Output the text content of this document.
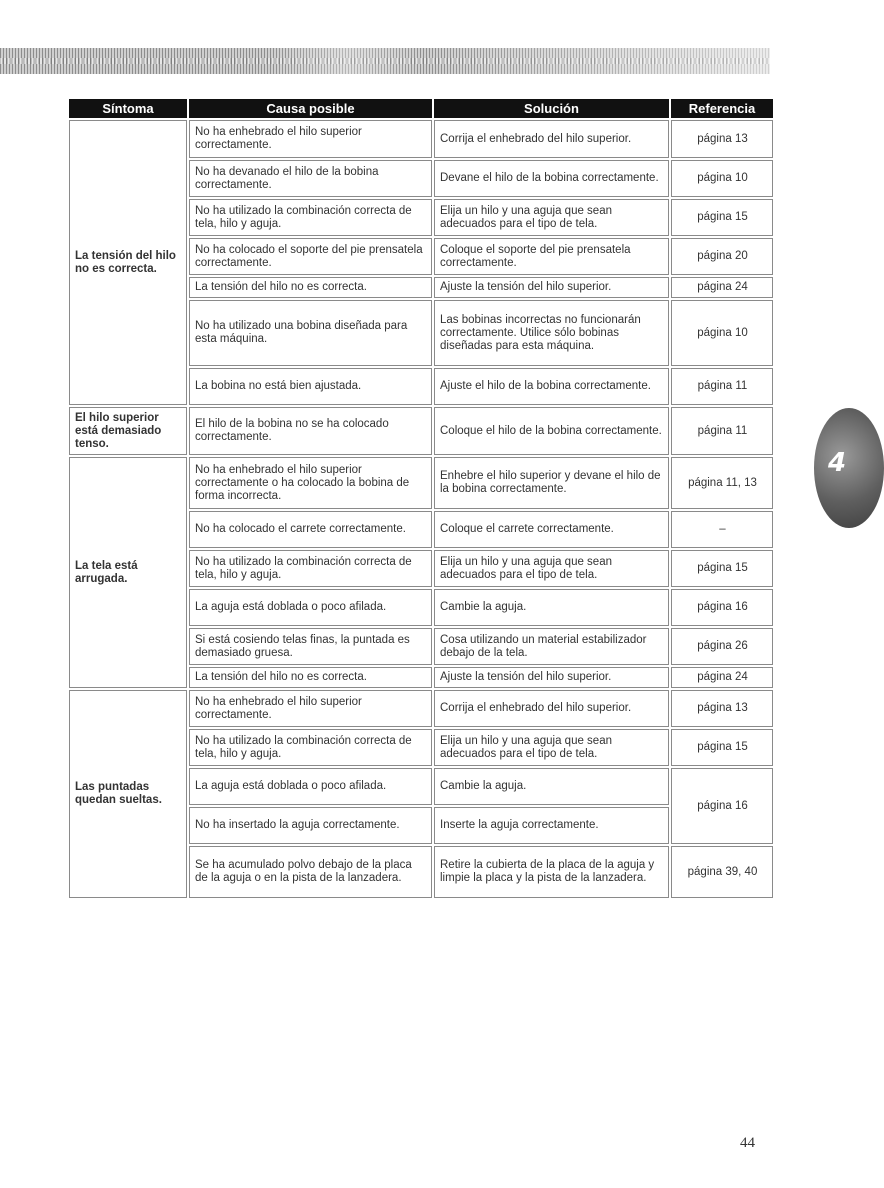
Síntoma	Causa posible	Solución	Referencia
La tensión del hilo no es correcta.	No ha enhebrado el hilo superior correctamente.	Corrija el enhebrado del hilo superior.	página 13
	No ha devanado el hilo de la bobina correctamente.	Devane el hilo de la bobina correctamente.	página 10
	No ha utilizado la combinación correcta de tela, hilo y aguja.	Elija un hilo y una aguja que sean adecuados para el tipo de tela.	página 15
	No ha colocado el soporte del pie prensatela correctamente.	Coloque el soporte del pie prensatela correctamente.	página 20
	La tensión del hilo no es correcta.	Ajuste la tensión del hilo superior.	página 24
	No ha utilizado una bobina diseñada para esta máquina.	Las bobinas incorrectas no funcionarán correctamente. Utilice sólo bobinas diseñadas para esta máquina.	página 10
	La bobina no está bien ajustada.	Ajuste el hilo de la bobina correctamente.	página 11
El hilo superior está demasiado tenso.	El hilo de la bobina no se ha colocado correctamente.	Coloque el hilo de la bobina correctamente.	página 11
La tela está arrugada.	No ha enhebrado el hilo superior correctamente o ha colocado la bobina de forma incorrecta.	Enhebre el hilo superior y devane el hilo de la bobina correctamente.	página 11, 13
	No ha colocado el carrete correctamente.	Coloque el carrete correctamente.	–
	No ha utilizado la combinación correcta de tela, hilo y aguja.	Elija un hilo y una aguja que sean adecuados para el tipo de tela.	página 15
	La aguja está doblada o poco afilada.	Cambie la aguja.	página 16
	Si está cosiendo telas finas, la puntada es demasiado gruesa.	Cosa utilizando un material estabilizador debajo de la tela.	página 26
	La tensión del hilo no es correcta.	Ajuste la tensión del hilo superior.	página 24
Las puntadas quedan sueltas.	No ha enhebrado el hilo superior correctamente.	Corrija el enhebrado del hilo superior.	página 13
	No ha utilizado la combinación correcta de tela, hilo y aguja.	Elija un hilo y una aguja que sean adecuados para el tipo de tela.	página 15
	La aguja está doblada o poco afilada.	Cambie la aguja.	página 16
	No ha insertado la aguja correctamente.	Inserte la aguja correctamente.	
	Se ha acumulado polvo debajo de la placa de la aguja o en la pista de la lanzadera.	Retire la cubierta de la placa de la aguja y limpie la placa y la pista de la lanzadera.	página 39, 40
4
44
